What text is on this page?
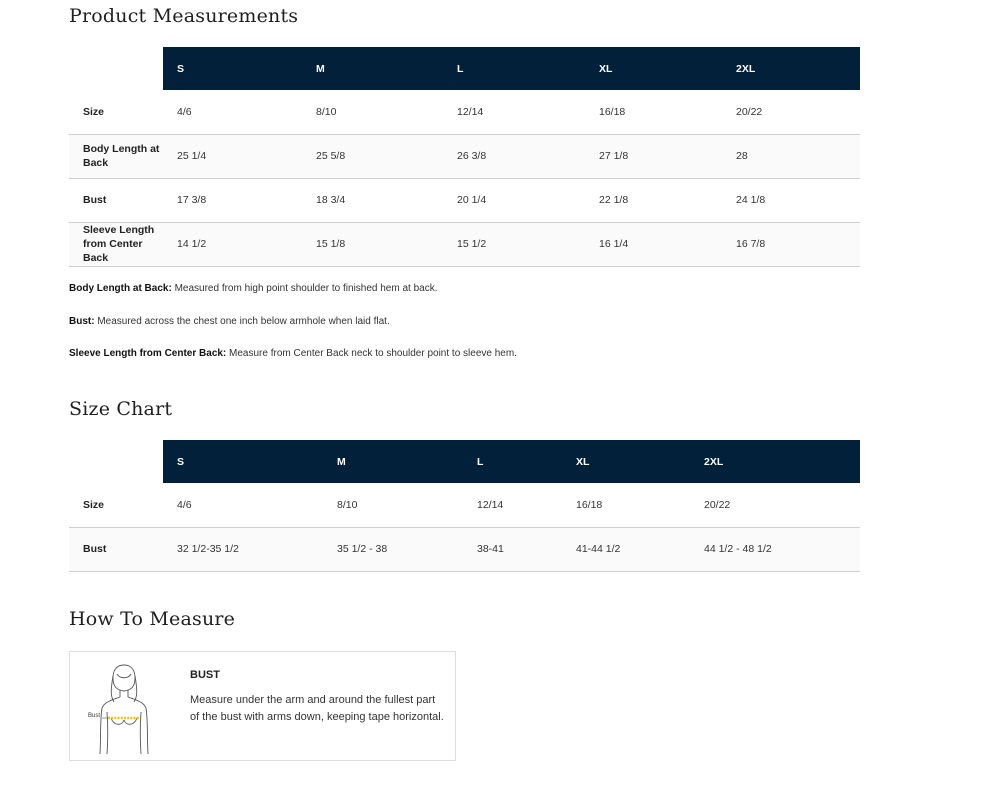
Product Measurements
	S	M	L	XL	2XL
Size	4/6	8/10	12/14	16/18	20/22
Body Length at Back	25 1/4	25 5/8	26 3/8	27 1/8	28
Bust	17 3/8	18 3/4	20 1/4	22 1/8	24 1/8
Sleeve Length from Center Back	14 1/2	15 1/8	15 1/2	16 1/4	16 7/8

Body Length at Back: Measured from high point shoulder to finished hem at back.

Bust: Measured across the chest one inch below armhole when laid flat.

Sleeve Length from Center Back: Measure from Center Back neck to shoulder point to sleeve hem.

Size Chart
	S	M	L	XL	2XL
Size	4/6	8/10	12/14	16/18	20/22
Bust	32 1/2-35 1/2	35 1/2 - 38	38-41	41-44 1/2	44 1/2 - 48 1/2
How To Measure
Bust
BUST
Measure under the arm and around the fullest part of the bust with arms down, keeping tape horizontal.
